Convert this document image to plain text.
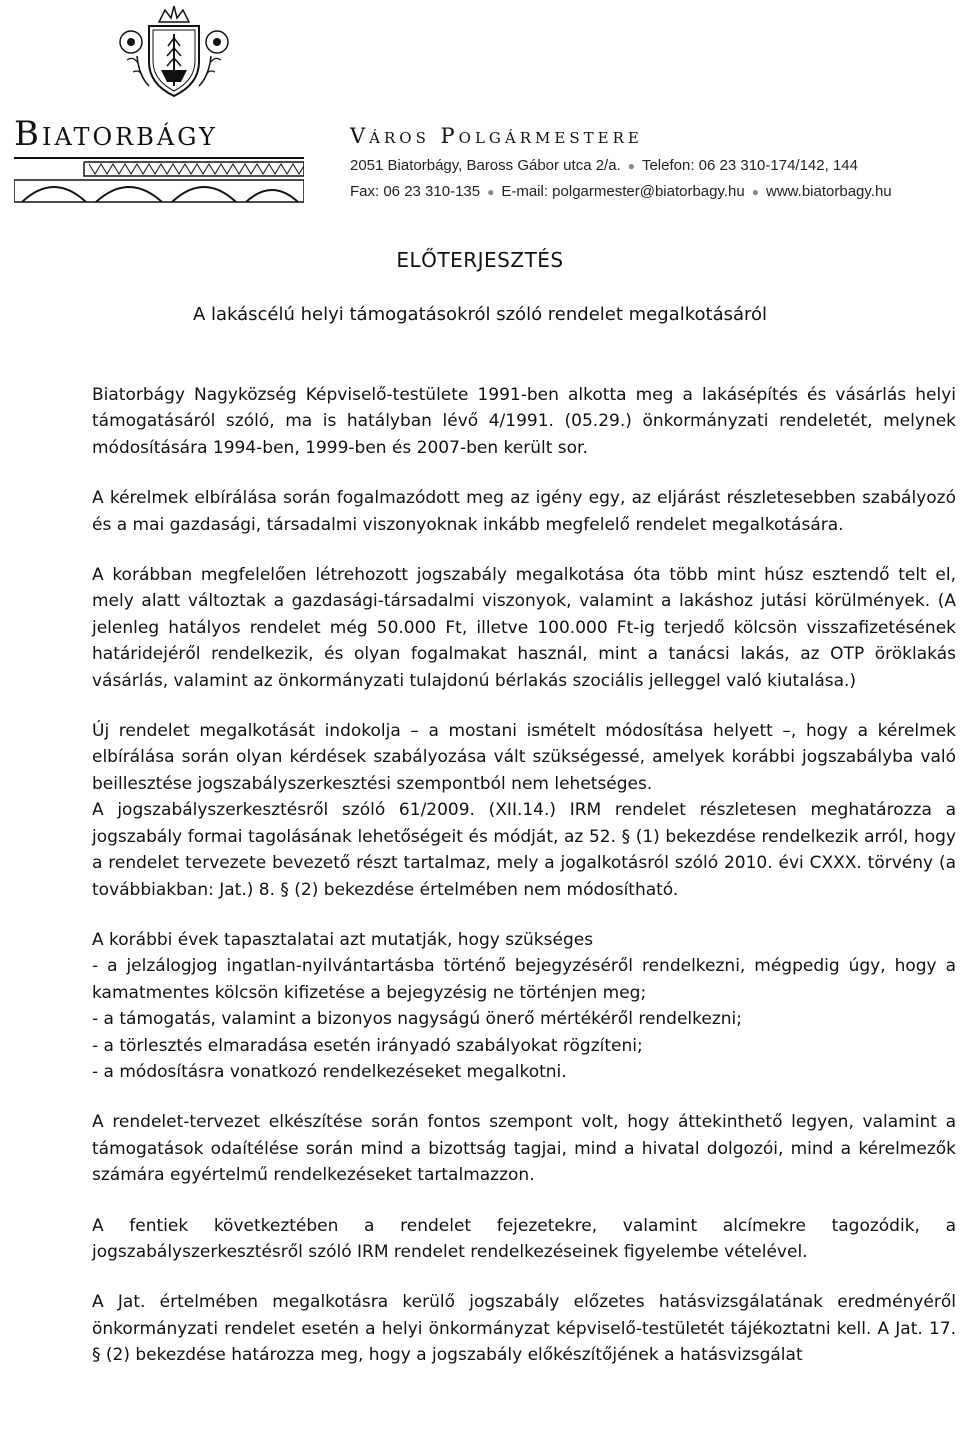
Biatorbágy	Város Polgármestere
2051 Biatorbágy, Baross Gábor utca 2/a. ● Telefon: 06 23 310-174/142, 144
Fax: 06 23 310-135 ● E-mail: polgarmester@biatorbagy.hu ● www.biatorbagy.hu
ELŐTERJESZTÉS
A lakáscélú helyi támogatásokról szóló rendelet megalkotásáról

Biatorbágy Nagyközség Képviselő-testülete 1991-ben alkotta meg a lakásépítés és vásárlás helyi támogatásáról szóló, ma is hatályban lévő 4/1991. (05.29.) önkormányzati rendeletét, melynek módosítására 1994-ben, 1999-ben és 2007-ben került sor.

A kérelmek elbírálása során fogalmazódott meg az igény egy, az eljárást részletesebben szabályozó és a mai gazdasági, társadalmi viszonyoknak inkább megfelelő rendelet megalkotására.

A korábban megfelelően létrehozott jogszabály megalkotása óta több mint húsz esztendő telt el, mely alatt változtak a gazdasági-társadalmi viszonyok, valamint a lakáshoz jutási körülmények. (A jelenleg hatályos rendelet még 50.000 Ft, illetve 100.000 Ft-ig terjedő kölcsön visszafizetésének határidejéről rendelkezik, és olyan fogalmakat használ, mint a tanácsi lakás, az OTP öröklakás vásárlás, valamint az önkormányzati tulajdonú bérlakás szociális jelleggel való kiutalása.)

Új rendelet megalkotását indokolja – a mostani ismételt módosítása helyett –, hogy a kérelmek elbírálása során olyan kérdések szabályozása vált szükségessé, amelyek korábbi jogszabályba való beillesztése jogszabályszerkesztési szempontból nem lehetséges.

A jogszabályszerkesztésről szóló 61/2009. (XII.14.) IRM rendelet részletesen meghatározza a jogszabály formai tagolásának lehetőségeit és módját, az 52. § (1) bekezdése rendelkezik arról, hogy a rendelet tervezete bevezető részt tartalmaz, mely a jogalkotásról szóló 2010. évi CXXX. törvény (a továbbiakban: Jat.) 8. § (2) bekezdése értelmében nem módosítható.

A korábbi évek tapasztalatai azt mutatják, hogy szükséges
- a jelzálogjog ingatlan-nyilvántartásba történő bejegyzéséről rendelkezni, mégpedig úgy, hogy a kamatmentes kölcsön kifizetése a bejegyzésig ne történjen meg;
- a támogatás, valamint a bizonyos nagyságú önerő mértékéről rendelkezni;
- a törlesztés elmaradása esetén irányadó szabályokat rögzíteni;
- a módosításra vonatkozó rendelkezéseket megalkotni.

A rendelet-tervezet elkészítése során fontos szempont volt, hogy áttekinthető legyen, valamint a támogatások odaítélése során mind a bizottság tagjai, mind a hivatal dolgozói, mind a kérelmezők számára egyértelmű rendelkezéseket tartalmazzon.

A fentiek következtében a rendelet fejezetekre, valamint alcímekre tagozódik, a jogszabályszerkesztésről szóló IRM rendelet rendelkezéseinek figyelembe vételével.

A Jat. értelmében megalkotásra kerülő jogszabály előzetes hatásvizsgálatának eredményéről önkormányzati rendelet esetén a helyi önkormányzat képviselő-testületét tájékoztatni kell. A Jat. 17. § (2) bekezdése határozza meg, hogy a jogszabály előkészítőjének a hatásvizsgálat
